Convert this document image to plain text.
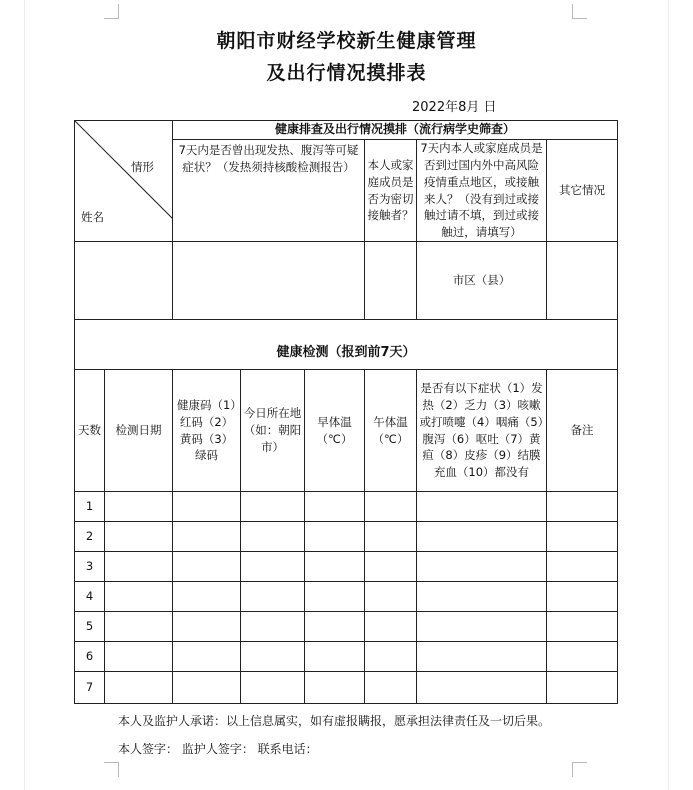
朝阳市财经学校新生健康管理
及出行情况摸排表
2022年8月 日
情形
姓名		健康排查及出行情况摸排（流行病学史筛查）					
		7天内是否曾出现发热、腹泻等可疑症状？（发热须持核酸检测报告）			本人或家庭成员是否为密切接触者？	7天内本人或家庭成员是否到过国内外中高风险疫情重点地区，或接触来人？（没有到过或接触过请不填，到过或接触过，请填写）	其它情况
						市区（县）	
健康检测（报到前7天）							
天数	检测日期	健康码（1）红码（2）黄码（3）绿码	今日所在地（如：朝阳市）	早体温（℃）	午体温（℃）	是否有以下症状（1）发热（2）乏力（3）咳嗽或打喷嚏（4）咽痛（5）腹泻（6）呕吐（7）黄疸（8）皮疹（9）结膜充血（10）都没有	备注
1							
2							
3							
4							
5							
6							
7							
本人及监护人承诺：以上信息属实，如有虚报瞒报，愿承担法律责任及一切后果。
本人签字： 监护人签字： 联系电话：
